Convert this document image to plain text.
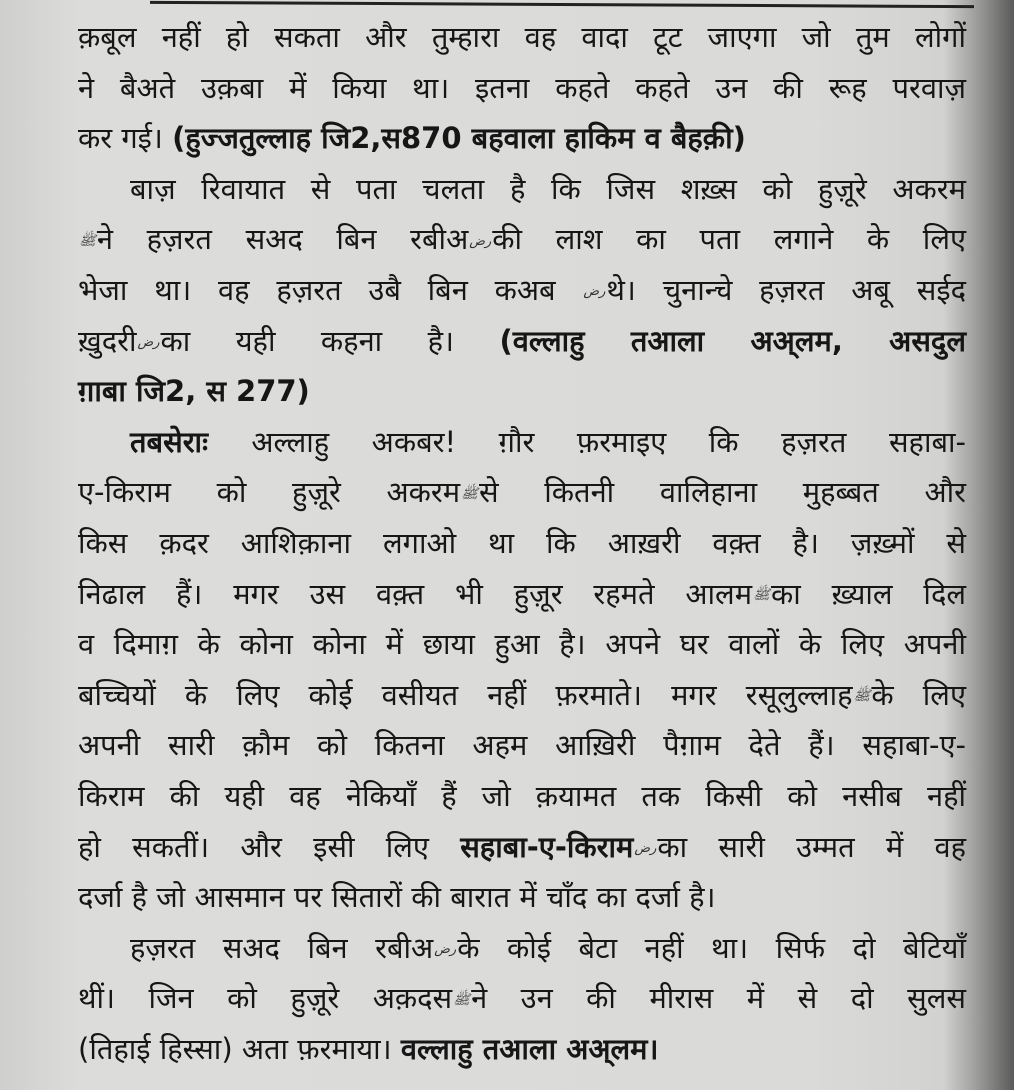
क़बूल नहीं हो सकता और तुम्हारा वह वादा टूट जाएगा जो तुम लोगों
ने बैअते उक़बा में किया था। इतना कहते कहते उन की रूह परवाज़
कर गई। (हुज्जतुल्लाह जि2,स870 बहवाला हाकिम व बैहक़ी)
बाज़ रिवायात से पता चलता है कि जिस शख़्स को हुज़ूरे अकरम
ﷺने हज़रत सअद बिन रबीअ رض की लाश का पता लगाने के लिए
भेजा था। वह हज़रत उबै बिन कअब رضथे। चुनान्चे हज़रत अबू सईद
ख़ुदरी رض का यही कहना है। (वल्लाहु तआला अअ्लम, असदुल
ग़ाबा जि2, स 277)
तबसेराः अल्लाहु अकबर! ग़ौर फ़रमाइए कि हज़रत सहाबा-
ए-किराम को हुज़ूरे अकरम ﷺ से कितनी वालिहाना मुहब्बत और
किस क़दर आशिक़ाना लगाओ था कि आख़री वक़्त है। ज़ख़्मों से
निढाल हैं। मगर उस वक़्त भी हुज़ूर रहमते आलम ﷺ का ख़्याल दिल
व दिमाग़ के कोना कोना में छाया हुआ है। अपने घर वालों के लिए अपनी
बच्चियों के लिए कोई वसीयत नहीं फ़रमाते। मगर रसूलुल्लाह ﷺ के लिए
अपनी सारी क़ौम को कितना अहम आख़िरी पैग़ाम देते हैं। सहाबा-ए-
किराम की यही वह नेकियाँ हैं जो क़यामत तक किसी को नसीब नहीं
हो सकतीं। और इसी लिए सहाबा-ए-किराम رض का सारी उम्मत में वह
दर्जा है जो आसमान पर सितारों की बारात में चाँद का दर्जा है।
हज़रत सअद बिन रबीअ رض के कोई बेटा नहीं था। सिर्फ दो बेटियाँ
थीं। जिन को हुज़ूरे अक़दस ﷺ ने उन की मीरास में से दो सुलस
(तिहाई हिस्सा) अता फ़रमाया। वल्लाहु तआला अअ्लम।
